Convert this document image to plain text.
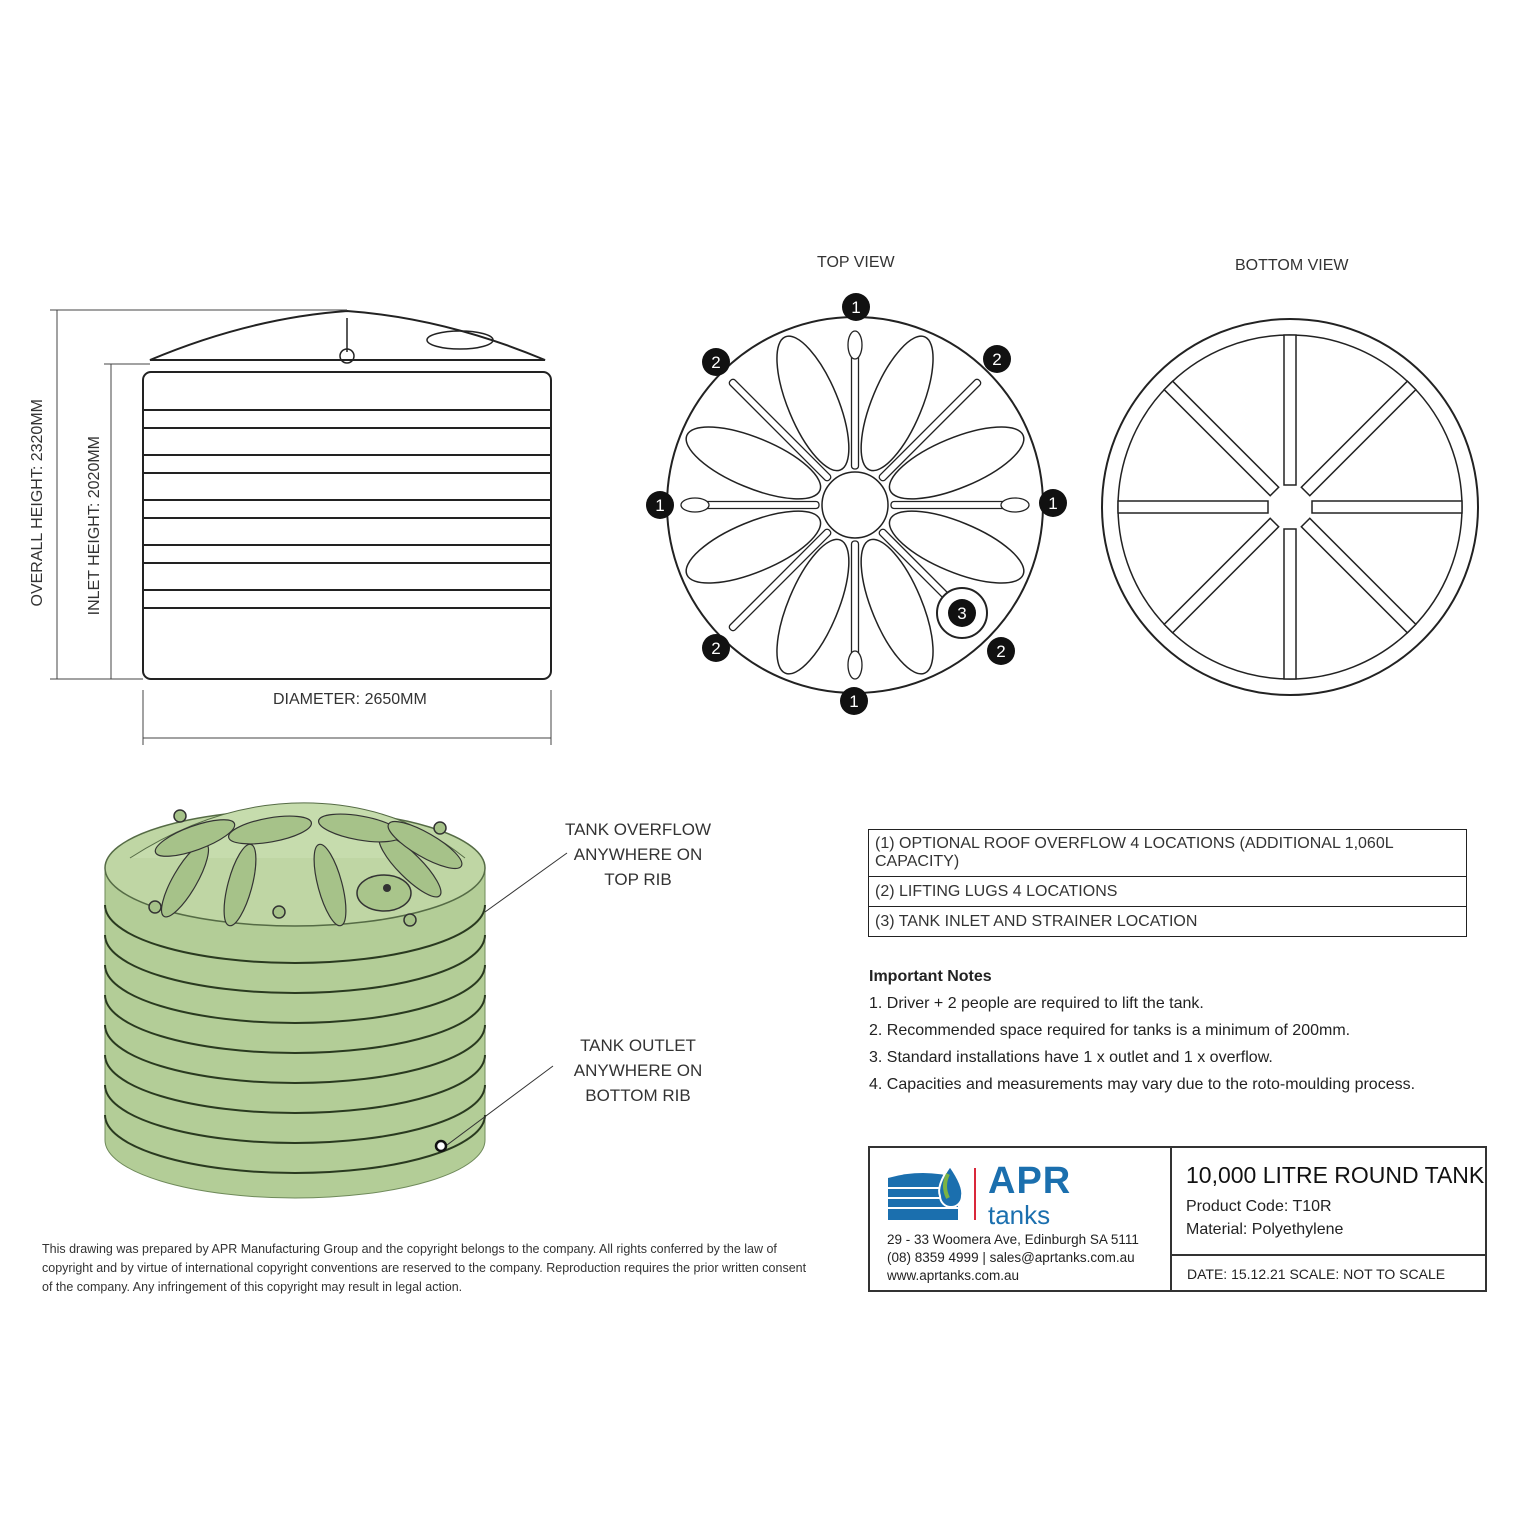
1
1
1
1
2	2
2	2
3
OVERALL HEIGHT: 2320MM	INLET HEIGHT: 2020MM
DIAMETER: 2650MM
TOP VIEW	BOTTOM VIEW
TANK OVERFLOW
ANYWHERE ON
TOP RIB
TANK OUTLET
ANYWHERE ON
BOTTOM RIB
(1) OPTIONAL ROOF OVERFLOW 4 LOCATIONS (ADDITIONAL 1,060L CAPACITY)
(2) LIFTING LUGS 4 LOCATIONS
(3) TANK INLET AND STRAINER LOCATION
Important Notes
1. Driver + 2 people are required to lift the tank.
2. Recommended space required for tanks is a minimum of 200mm.
3. Standard installations have 1 x outlet and 1 x overflow.
4. Capacities and measurements may vary due to the roto-moulding process.
This drawing was prepared by APR Manufacturing Group and the copyright belongs to the company. All rights conferred by the law of copyright and by virtue of international copyright conventions are reserved to the company. Reproduction requires the prior written consent of the company. Any infringement of this copyright may result in legal action.
APR
tanks
29 - 33 Woomera Ave, Edinburgh SA 5111
(08) 8359 4999 | sales@aprtanks.com.au
www.aprtanks.com.au
10,000 LITRE ROUND TANK
Product Code: T10R
Material: Polyethylene
DATE: 15.12.21 SCALE: NOT TO SCALE
